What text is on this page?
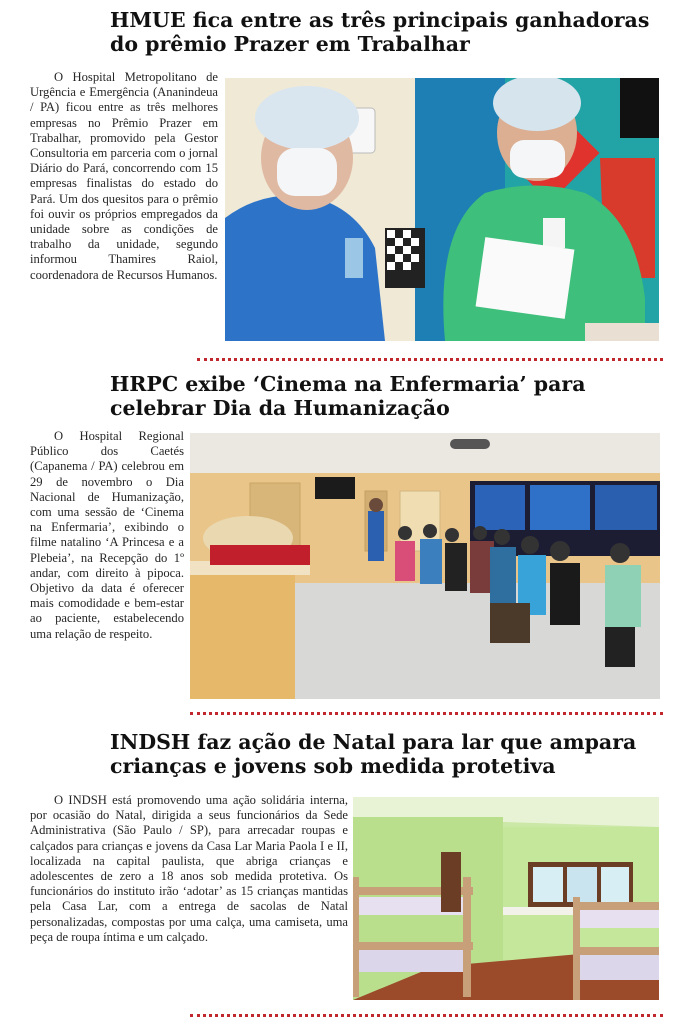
HMUE fica entre as três principais ganhadoras do prêmio Prazer em Trabalhar

O Hospital Metropolitano de Urgência e Emergência (Ananindeua / PA) ficou entre as três melhores empresas no Prêmio Prazer em Trabalhar, promovido pela Gestor Consultoria em parceria com o jornal Diário do Pará, concorrendo com 15 empresas finalistas do estado do Pará. Um dos quesitos para o prêmio foi ouvir os próprios empregados da unidade sobre as condições de trabalho da unidade, segundo informou Thamires Raiol, coordenadora de Recursos Humanos.

HRPC exibe ‘Cinema na Enfermaria’ para celebrar Dia da Humanização

O Hospital Regional Público dos Caetés (Capanema / PA) celebrou em 29 de novembro o Dia Nacional de Humanização, com uma sessão de ‘Cinema na Enfermaria’, exibindo o filme natalino ‘A Princesa e a Plebeia’, na Recepção do 1º andar, com direito à pipoca. Objetivo da data é oferecer mais comodidade e bem-estar ao paciente, estabelecendo uma relação de respeito.

INDSH faz ação de Natal para lar que ampara crianças e jovens sob medida protetiva

O INDSH está promovendo uma ação solidária interna, por ocasião do Natal, dirigida a seus funcionários da Sede Administrativa (São Paulo / SP), para arrecadar roupas e calçados para crianças e jovens da Casa Lar Maria Paola I e II, localizada na capital paulista, que abriga crianças e adolescentes de zero a 18 anos sob medida protetiva. Os funcionários do instituto irão ‘adotar’ as 15 crianças mantidas pela Casa Lar, com a entrega de sacolas de Natal personalizadas, compostas por uma calça, uma camiseta, uma peça de roupa íntima e um calçado.
